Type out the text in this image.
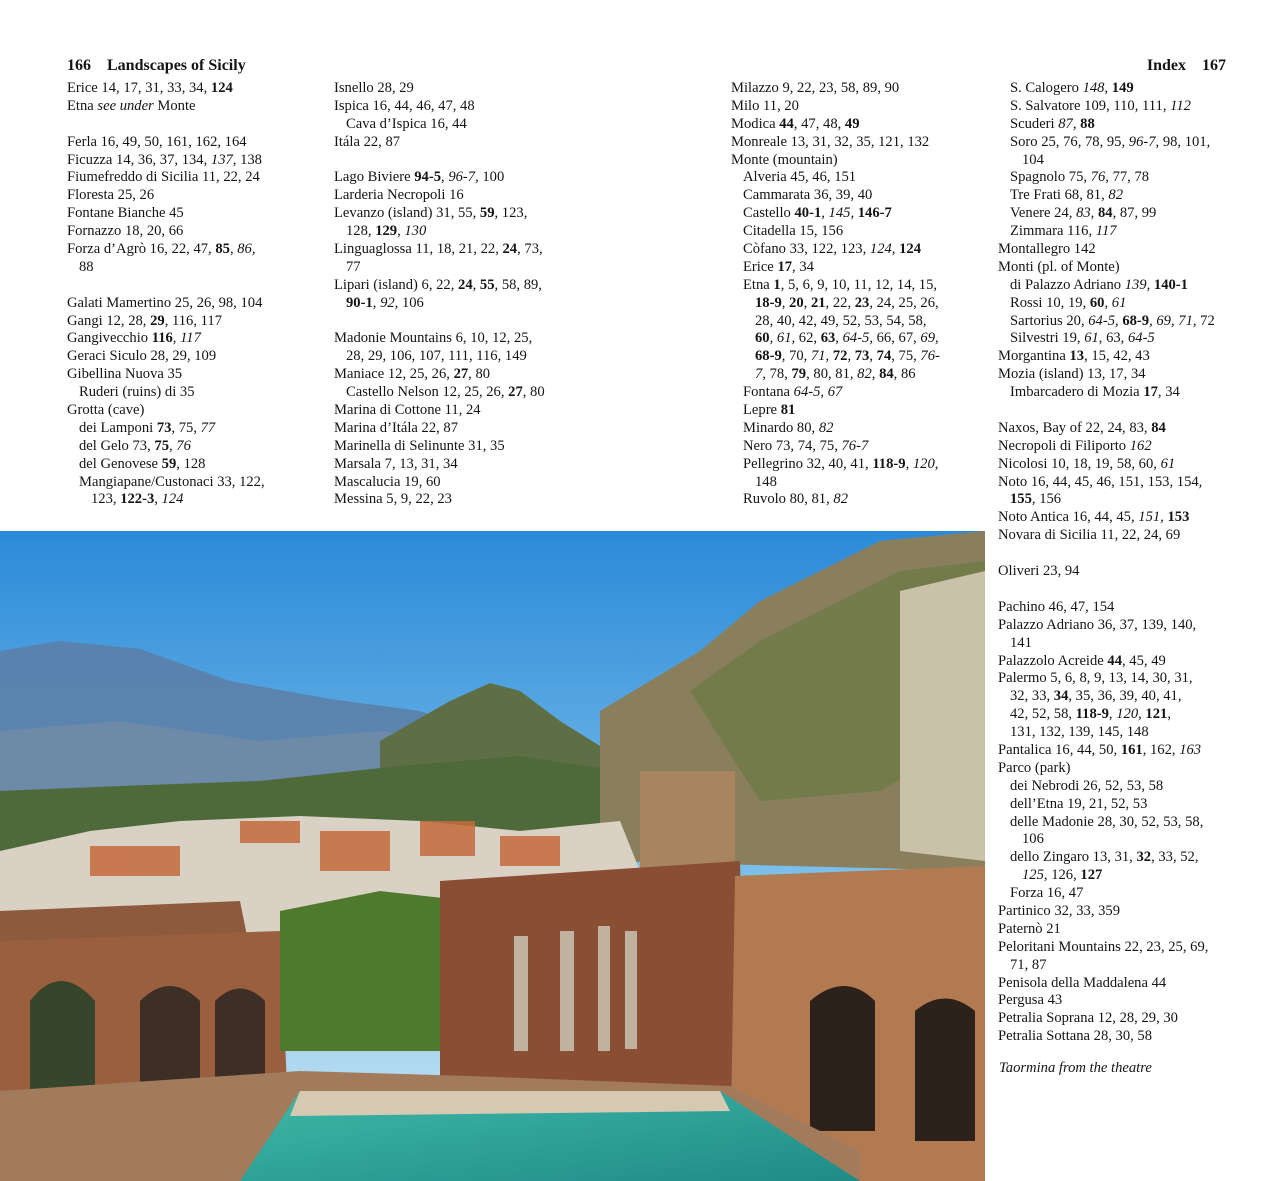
166 Landscapes of Sicily	Index 167
Erice 14, 17, 31, 33, 34, 124
Etna see under Monte
Ferla 16, 49, 50, 161, 162, 164
Ficuzza 14, 36, 37, 134, 137, 138
Fiumefreddo di Sicilia 11, 22, 24
Floresta 25, 26
Fontane Bianche 45
Fornazzo 18, 20, 66
Forza d’Agrò 16, 22, 47, 85, 86,
88
Galati Mamertino 25, 26, 98, 104
Gangi 12, 28, 29, 116, 117
Gangivecchio 116, 117
Geraci Siculo 28, 29, 109
Gibellina Nuova 35
Ruderi (ruins) di 35
Grotta (cave)
dei Lamponi 73, 75, 77
del Gelo 73, 75, 76
del Genovese 59, 128
Mangiapane/Custonaci 33, 122,
123, 122-3, 124
Isnello 28, 29
Ispica 16, 44, 46, 47, 48
Cava d’Ispica 16, 44
Itála 22, 87
Lago Biviere 94-5, 96-7, 100
Larderia Necropoli 16
Levanzo (island) 31, 55, 59, 123,
128, 129, 130
Linguaglossa 11, 18, 21, 22, 24, 73,
77
Lipari (island) 6, 22, 24, 55, 58, 89,
90-1, 92, 106
Madonie Mountains 6, 10, 12, 25,
28, 29, 106, 107, 111, 116, 149
Maniace 12, 25, 26, 27, 80
Castello Nelson 12, 25, 26, 27, 80
Marina di Cottone 11, 24
Marina d’Itála 22, 87
Marinella di Selinunte 31, 35
Marsala 7, 13, 31, 34
Mascalucia 19, 60
Messina 5, 9, 22, 23
Milazzo 9, 22, 23, 58, 89, 90
Milo 11, 20
Modica 44, 47, 48, 49
Monreale 13, 31, 32, 35, 121, 132
Monte (mountain)
Alveria 45, 46, 151
Cammarata 36, 39, 40
Castello 40-1, 145, 146-7
Citadella 15, 156
Còfano 33, 122, 123, 124, 124
Erice 17, 34
Etna 1, 5, 6, 9, 10, 11, 12, 14, 15,
18-9, 20, 21, 22, 23, 24, 25, 26,
28, 40, 42, 49, 52, 53, 54, 58,
60, 61, 62, 63, 64-5, 66, 67, 69,
68-9, 70, 71, 72, 73, 74, 75, 76-
7, 78, 79, 80, 81, 82, 84, 86
Fontana 64-5, 67
Lepre 81
Minardo 80, 82
Nero 73, 74, 75, 76-7
Pellegrino 32, 40, 41, 118-9, 120,
148
Ruvolo 80, 81, 82
S. Calogero 148, 149
S. Salvatore 109, 110, 111, 112
Scuderi 87, 88
Soro 25, 76, 78, 95, 96-7, 98, 101,
104
Spagnolo 75, 76, 77, 78
Tre Frati 68, 81, 82
Venere 24, 83, 84, 87, 99
Zimmara 116, 117
Montallegro 142
Monti (pl. of Monte)
di Palazzo Adriano 139, 140-1
Rossi 10, 19, 60, 61
Sartorius 20, 64-5, 68-9, 69, 71, 72
Silvestri 19, 61, 63, 64-5
Morgantina 13, 15, 42, 43
Mozia (island) 13, 17, 34
Imbarcadero di Mozia 17, 34
Naxos, Bay of 22, 24, 83, 84
Necropoli di Filiporto 162
Nicolosi 10, 18, 19, 58, 60, 61
Noto 16, 44, 45, 46, 151, 153, 154,
155, 156
Noto Antica 16, 44, 45, 151, 153
Novara di Sicilia 11, 22, 24, 69
Oliveri 23, 94
Pachino 46, 47, 154
Palazzo Adriano 36, 37, 139, 140,
141
Palazzolo Acreide 44, 45, 49
Palermo 5, 6, 8, 9, 13, 14, 30, 31,
32, 33, 34, 35, 36, 39, 40, 41,
42, 52, 58, 118-9, 120, 121,
131, 132, 139, 145, 148
Pantalica 16, 44, 50, 161, 162, 163
Parco (park)
dei Nebrodi 26, 52, 53, 58
dell’Etna 19, 21, 52, 53
delle Madonie 28, 30, 52, 53, 58,
106
dello Zingaro 13, 31, 32, 33, 52,
125, 126, 127
Forza 16, 47
Partinico 32, 33, 359
Paternò 21
Peloritani Mountains 22, 23, 25, 69,
71, 87
Penisola della Maddalena 44
Pergusa 43
Petralia Soprana 12, 28, 29, 30
Petralia Sottana 28, 30, 58
Taormina from the theatre
